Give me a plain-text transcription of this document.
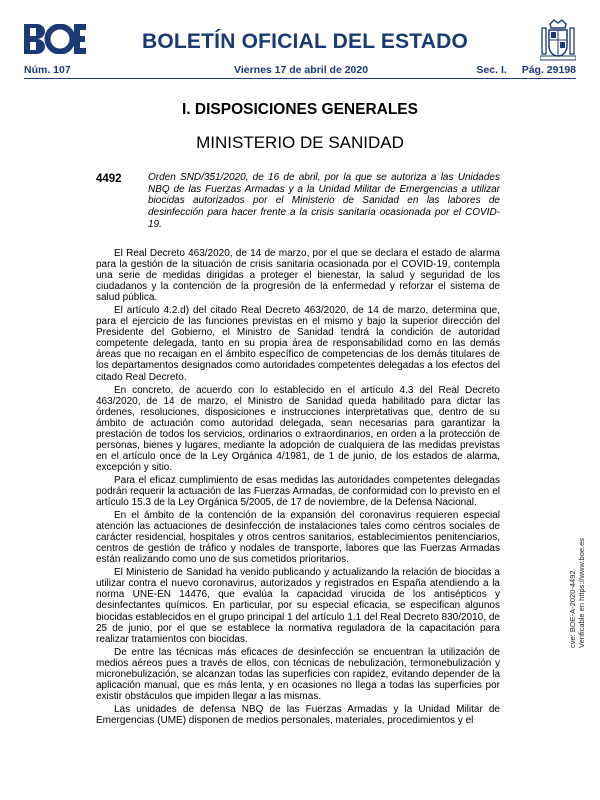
BOLETÍN OFICIAL DEL ESTADO
Núm. 107	Viernes 17 de abril de 2020	Sec. I. Pág. 29198
I. DISPOSICIONES GENERALES
MINISTERIO DE SANIDAD
4492	Orden SND/351/2020, de 16 de abril, por la que se autoriza a las Unidades NBQ de las Fuerzas Armadas y a la Unidad Militar de Emergencias a utilizar biocidas autorizados por el Ministerio de Sanidad en las labores de desinfección para hacer frente a la crisis sanitaria ocasionada por el COVID-19.

El Real Decreto 463/2020, de 14 de marzo, por el que se declara el estado de alarma para la gestión de la situación de crisis sanitaria ocasionada por el COVID-19, contempla una serie de medidas dirigidas a proteger el bienestar, la salud y seguridad de los ciudadanos y la contención de la progresión de la enfermedad y reforzar el sistema de salud pública.

El artículo 4.2.d) del citado Real Decreto 463/2020, de 14 de marzo, determina que, para el ejercicio de las funciones previstas en el mismo y bajo la superior dirección del Presidente del Gobierno, el Ministro de Sanidad tendrá la condición de autoridad competente delegada, tanto en su propia área de responsabilidad como en las demás áreas que no recaigan en el ámbito específico de competencias de los demás titulares de los departamentos designados como autoridades competentes delegadas a los efectos del citado Real Decreto.

En concreto, de acuerdo con lo establecido en el artículo 4.3 del Real Decreto 463/2020, de 14 de marzo, el Ministro de Sanidad queda habilitado para dictar las órdenes, resoluciones, disposiciones e instrucciones interpretativas que, dentro de su ámbito de actuación como autoridad delegada, sean necesarias para garantizar la prestación de todos los servicios, ordinarios o extraordinarios, en orden a la protección de personas, bienes y lugares, mediante la adopción de cualquiera de las medidas previstas en el artículo once de la Ley Orgánica 4/1981, de 1 de junio, de los estados de alarma, excepción y sitio.

Para el eficaz cumplimiento de esas medidas las autoridades competentes delegadas podrán requerir la actuación de las Fuerzas Armadas, de conformidad con lo previsto en el artículo 15.3 de la Ley Orgánica 5/2005, de 17 de noviembre, de la Defensa Nacional.

En el ámbito de la contención de la expansión del coronavirus requieren especial atención las actuaciones de desinfección de instalaciones tales como centros sociales de carácter residencial, hospitales y otros centros sanitarios, establecimientos penitenciarios, centros de gestión de tráfico y nodales de transporte, labores que las Fuerzas Armadas están realizando como uno de sus cometidos prioritarios.

El Ministerio de Sanidad ha venido publicando y actualizando la relación de biocidas a utilizar contra el nuevo coronavirus, autorizados y registrados en España atendiendo a la norma UNE-EN 14476, que evalúa la capacidad virucida de los antisépticos y desinfectantes químicos. En particular, por su especial eficacia, se especifican algunos biocidas establecidos en el grupo principal 1 del artículo 1.1 del Real Decreto 830/2010, de 25 de junio, por el que se establece la normativa reguladora de la capacitación para realizar tratamientos con biocidas.

De entre las técnicas más eficaces de desinfección se encuentran la utilización de medios aéreos pues a través de ellos, con técnicas de nebulización, termonebulización y micronebulización, se alcanzan todas las superficies con rapidez, evitando depender de la aplicación manual, que es más lenta, y en ocasiones no llega a todas las superficies por existir obstáculos que impiden llegar a las mismas.

Las unidades de defensa NBQ de las Fuerzas Armadas y la Unidad Militar de Emergencias (UME) disponen de medios personales, materiales, procedimientos y el

cve: BOE-A-2020-4492 Verificable en https://www.boe.es
